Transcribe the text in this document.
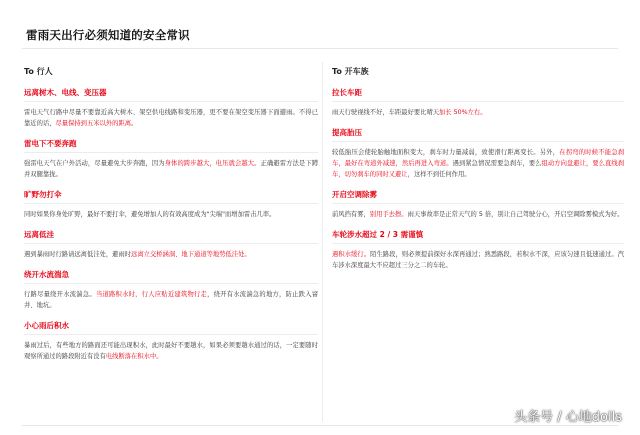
雷雨天出行必须知道的安全常识
To 行人
远离树木、电线、变压器
雷电天气行路中尽量不要靠近高大树木、架空供电线路和变压器，更不要在架空变压器下面避雨。不得已靠近的话，尽量保持到五米以外的距离。
雷电下不要奔跑
强雷电天气在户外活动，尽量避免大步奔跑，因为身体的跨步越大，电压就会越大。正确避雷方法是下蹲并双腿靠拢。
旷野勿打伞
同时如果你身处旷野，最好不要打伞，避免增加人的有效高度成为"尖端"而增加雷击几率。
远离低洼
遇到暴雨时行路请远离低洼处，避雨时远离立交桥涵洞、地下通道等地势低洼处。
绕开水流湍急
行路尽量绕开水流湍急。当道路积水时，行人应贴近建筑物行走，绕开有水流湍急的地方，防止跌入窨井、地坑。
小心雨后积水
暴雨过后，有些地方的路面还可能出现积水，此时最好不要趟水，如果必须要趟水通过的话，一定要随时观察所通过的路段附近有没有电线断落在积水中。
To 开车族
拉长车距
雨天行驶视线不好，车距最好要比晴天加长 50%左右。
提高胎压
较低胎压会使轮胎触地面积变大，刹车时力量减弱，致使滑行距离变长。另外，在拐弯的时候不能急刹车，最好在弯道外减速，然后再进入弯道。遇到紧急情况需要急刹车，要么组动方向盘避让，要么直线刹车，切勿刹车的同时又避让，这样不到任何作用。
开启空调除雾
前风挡有雾，别用手去擦。雨天事故率是正常天气的 5 倍，别让自己驾驶分心，开启空调除雾模式为好。
车轮涉水超过 2 / 3 需谨慎
遇积水缓行。陌生路段，则必须提前探好水深再通过；熟悉路段，若积水不深，应该匀速且低速通过。汽车涉水深度最大不应超过三分之二的车轮。
头条号 / 心地dolls
